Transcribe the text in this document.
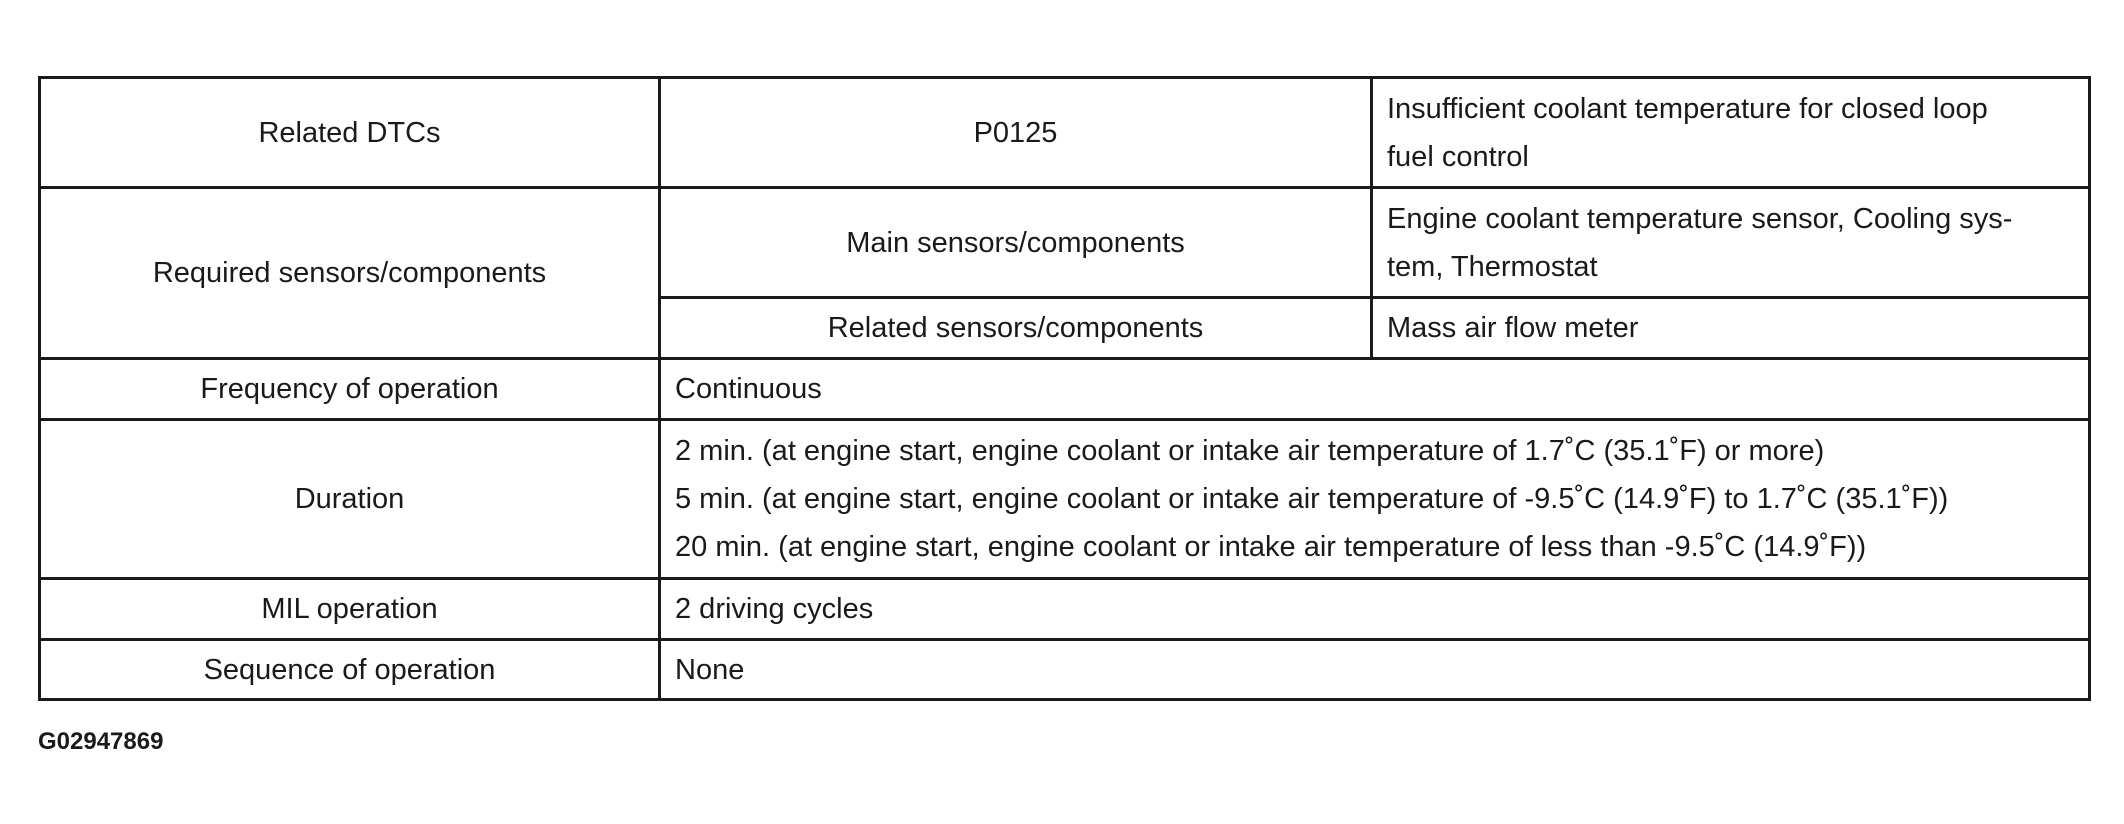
Related DTCs	P0125	Insufficient coolant temperature for closed loop
fuel control

Required sensors/components	Main sensors/components	Engine coolant temperature sensor, Cooling sys-
tem, Thermostat

	Related sensors/components	Mass air flow meter
Frequency of operation	Continuous	
Duration	2 min. (at engine start, engine coolant or intake air temperature of 1.7˚C (35.1˚F) or more)
5 min. (at engine start, engine coolant or intake air temperature of -9.5˚C (14.9˚F) to 1.7˚C (35.1˚F))
20 min. (at engine start, engine coolant or intake air temperature of less than -9.5˚C (14.9˚F))	

MIL operation	2 driving cycles	
Sequence of operation	None	
G02947869
